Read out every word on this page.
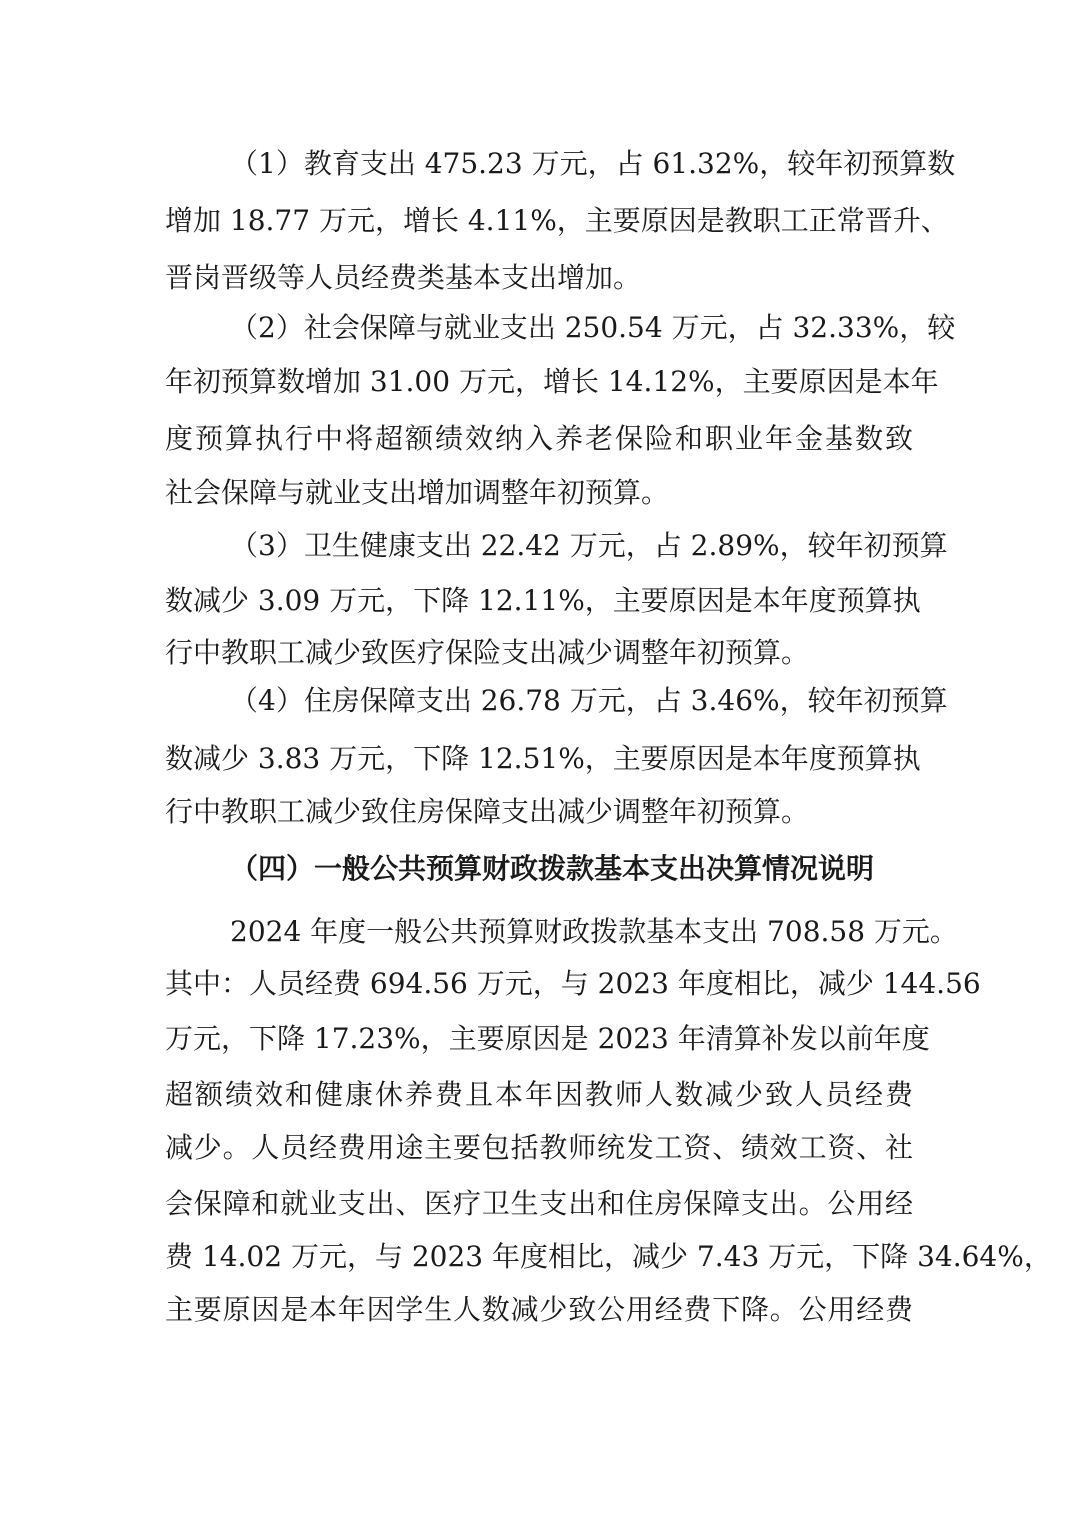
（1）教育支出 475.23 万元，占 61.32%，较年初预算数
增加 18.77 万元，增长 4.11%，主要原因是教职工正常晋升、
晋岗晋级等人员经费类基本支出增加。
（2）社会保障与就业支出 250.54 万元，占 32.33%，较
年初预算数增加 31.00 万元，增长 14.12%，主要原因是本年
度预算执行中将超额绩效纳入养老保险和职业年金基数致
社会保障与就业支出增加调整年初预算。
（3）卫生健康支出 22.42 万元，占 2.89%，较年初预算
数减少 3.09 万元，下降 12.11%，主要原因是本年度预算执
行中教职工减少致医疗保险支出减少调整年初预算。
（4）住房保障支出 26.78 万元，占 3.46%，较年初预算
数减少 3.83 万元，下降 12.51%，主要原因是本年度预算执
行中教职工减少致住房保障支出减少调整年初预算。
（四）一般公共预算财政拨款基本支出决算情况说明
2024 年度一般公共预算财政拨款基本支出 708.58 万元。
其中：人员经费 694.56 万元，与 2023 年度相比，减少 144.56
万元，下降 17.23%，主要原因是 2023 年清算补发以前年度
超额绩效和健康休养费且本年因教师人数减少致人员经费
减少。人员经费用途主要包括教师统发工资、绩效工资、社
会保障和就业支出、医疗卫生支出和住房保障支出。公用经
费 14.02 万元，与 2023 年度相比，减少 7.43 万元，下降 34.64%，
主要原因是本年因学生人数减少致公用经费下降。公用经费
